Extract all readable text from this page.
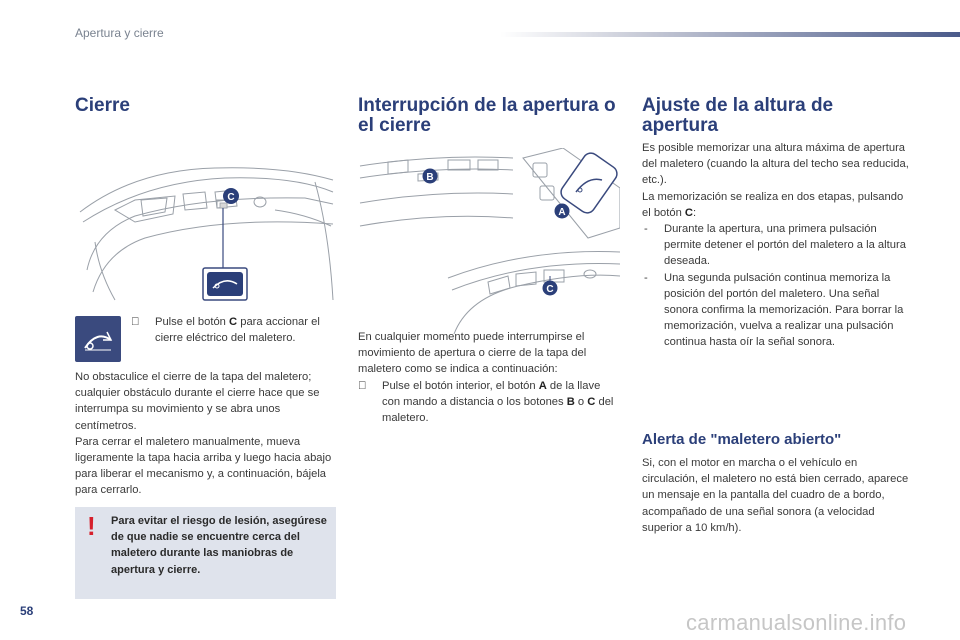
Apertura y cierre
Cierre
C
Pulse el botón C para accionar el cierre eléctrico del maletero.

No obstaculice el cierre de la tapa del maletero; cualquier obstáculo durante el cierre hace que se interrumpa su movimiento y se abra unos centímetros.

Para cerrar el maletero manualmente, mueva ligeramente la tapa hacia arriba y luego hacia abajo para liberar el mecanismo y, a continuación, bájela para cerrarlo.

! Para evitar el riesgo de lesión, asegúrese de que nadie se encuentre cerca del maletero durante las maniobras de apertura y cierre.
Interrupción de la apertura o el cierre
B
A
C

En cualquier momento puede interrumpirse el movimiento de apertura o cierre de la tapa del maletero como se indica a continuación:

Pulse el botón interior, el botón A de la llave con mando a distancia o los botones B o C del maletero.
Ajuste de la altura de apertura

Es posible memorizar una altura máxima de apertura del maletero (cuando la altura del techo sea reducida, etc.).

La memorización se realiza en dos etapas, pulsando el botón C:

- Durante la apertura, una primera pulsación permite detener el portón del maletero a la altura deseada.
- Una segunda pulsación continua memoriza la posición del portón del maletero. Una señal sonora confirma la memorización. Para borrar la memorización, vuelva a realizar una pulsación continua hasta oír la señal sonora.
Alerta de "maletero abierto"
Si, con el motor en marcha o el vehículo en circulación, el maletero no está bien cerrado, aparece un mensaje en la pantalla del cuadro de a bordo, acompañado de una señal sonora (a velocidad superior a 10 km/h).
58	carmanualsonline.info
